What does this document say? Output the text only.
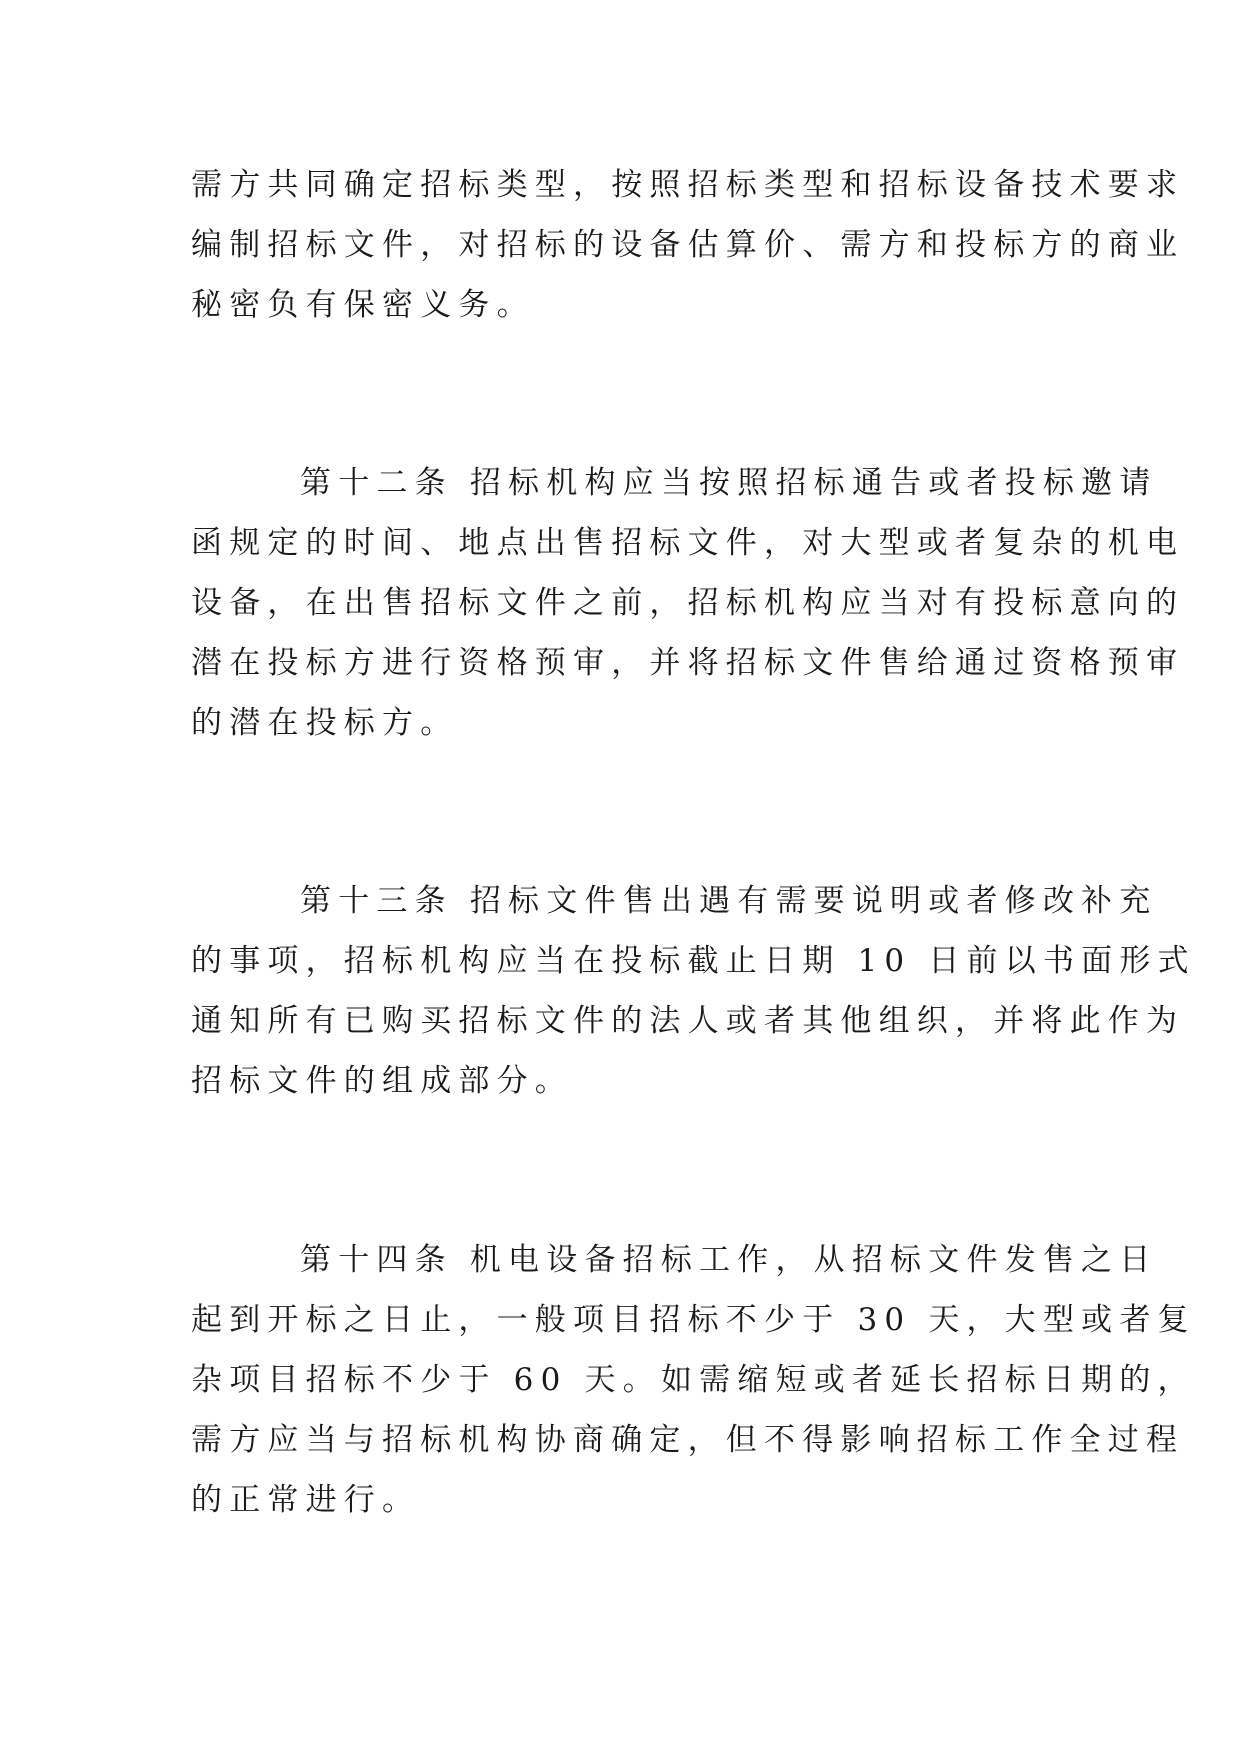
需方共同确定招标类型，按照招标类型和招标设备技术要求
编制招标文件，对招标的设备估算价、需方和投标方的商业
秘密负有保密义务。
第十二条 招标机构应当按照招标通告或者投标邀请
函规定的时间、地点出售招标文件，对大型或者复杂的机电
设备，在出售招标文件之前，招标机构应当对有投标意向的
潜在投标方进行资格预审，并将招标文件售给通过资格预审
的潜在投标方。
第十三条 招标文件售出遇有需要说明或者修改补充
的事项，招标机构应当在投标截止日期 10 日前以书面形式
通知所有已购买招标文件的法人或者其他组织，并将此作为
招标文件的组成部分。
第十四条 机电设备招标工作，从招标文件发售之日
起到开标之日止，一般项目招标不少于 30 天，大型或者复
杂项目招标不少于 60 天。如需缩短或者延长招标日期的，
需方应当与招标机构协商确定，但不得影响招标工作全过程
的正常进行。
